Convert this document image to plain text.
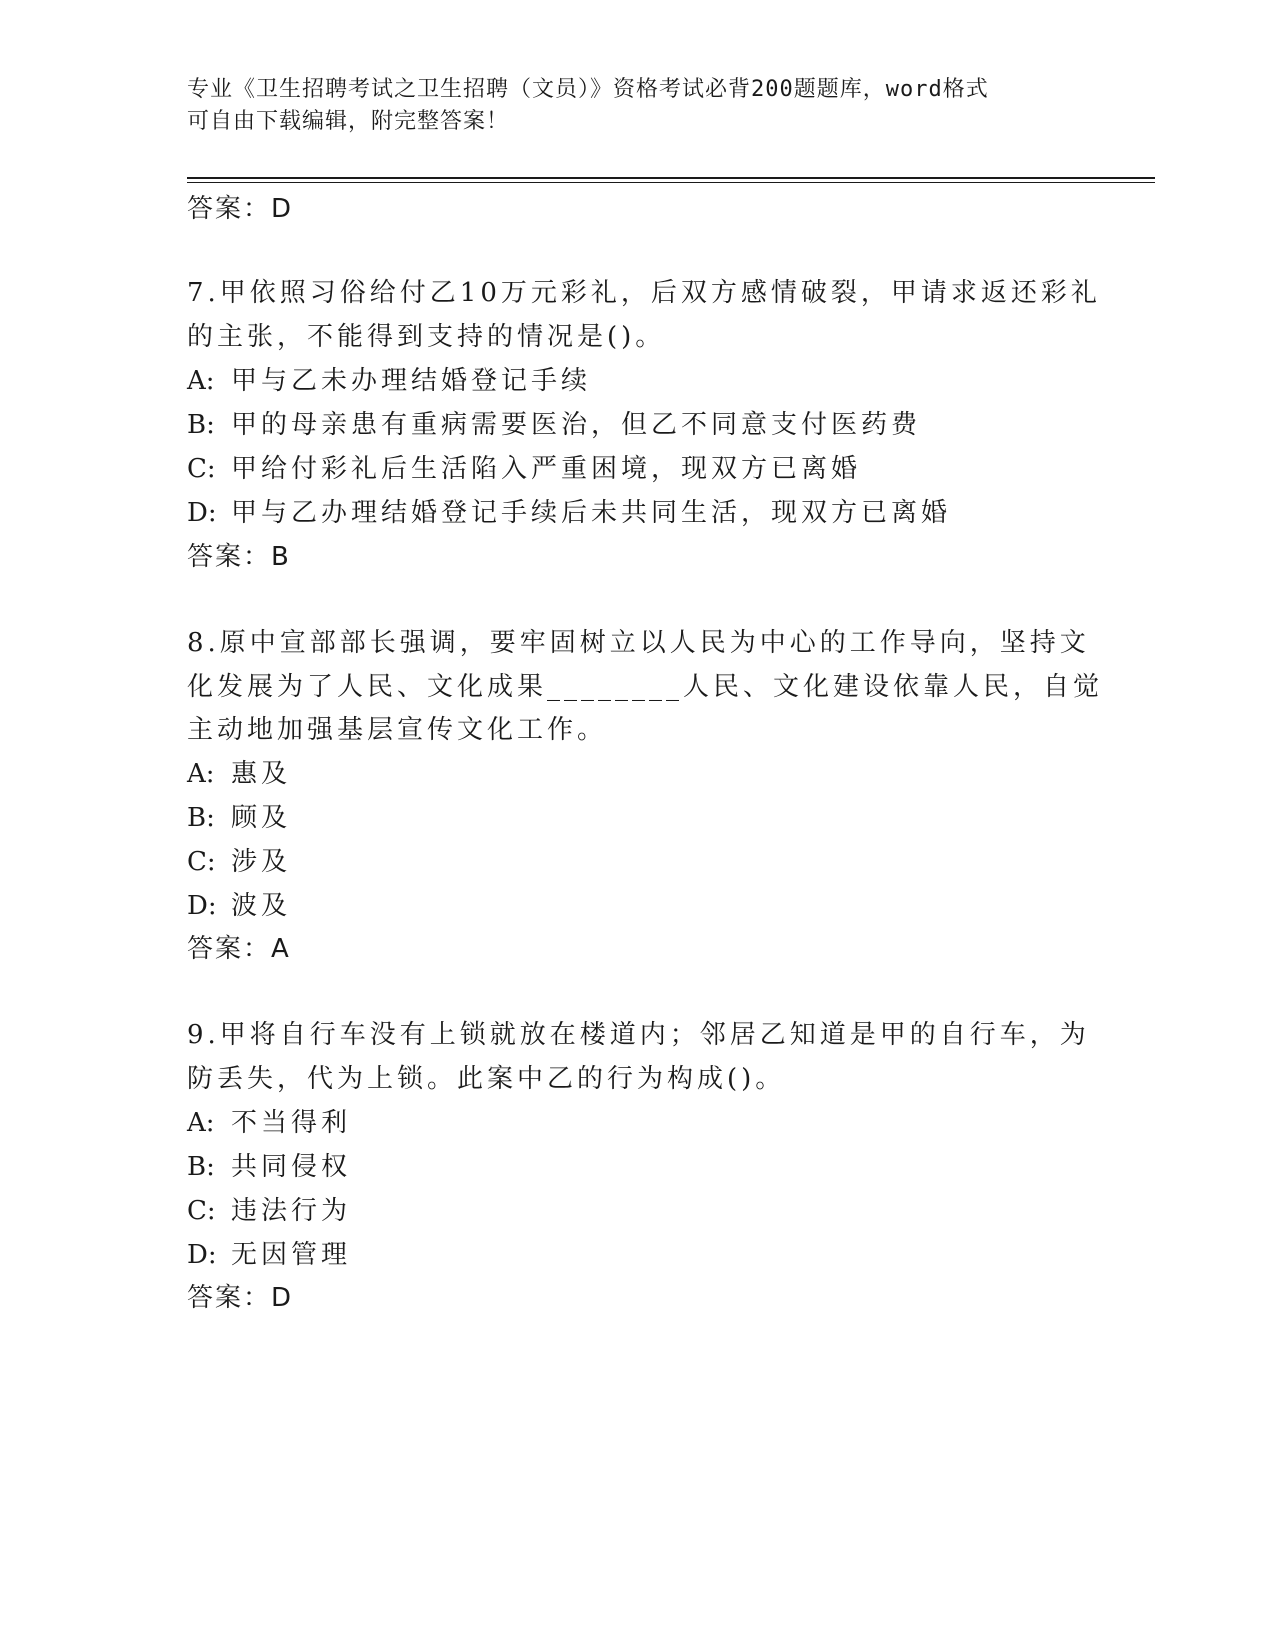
专业《卫生招聘考试之卫生招聘（文员）》资格考试必背200题题库，word格式
可自由下载编辑，附完整答案！
答案：D
7.甲依照习俗给付乙10万元彩礼，后双方感情破裂，甲请求返还彩礼
的主张，不能得到支持的情况是()。
A: 甲与乙未办理结婚登记手续
B: 甲的母亲患有重病需要医治，但乙不同意支付医药费
C: 甲给付彩礼后生活陷入严重困境，现双方已离婚
D: 甲与乙办理结婚登记手续后未共同生活，现双方已离婚
答案：B
8.原中宣部部长强调，要牢固树立以人民为中心的工作导向，坚持文
化发展为了人民、文化成果________人民、文化建设依靠人民，自觉
主动地加强基层宣传文化工作。
A: 惠及
B: 顾及
C: 涉及
D: 波及
答案：A
9.甲将自行车没有上锁就放在楼道内；邻居乙知道是甲的自行车，为
防丢失，代为上锁。此案中乙的行为构成()。
A: 不当得利
B: 共同侵权
C: 违法行为
D: 无因管理
答案：D
